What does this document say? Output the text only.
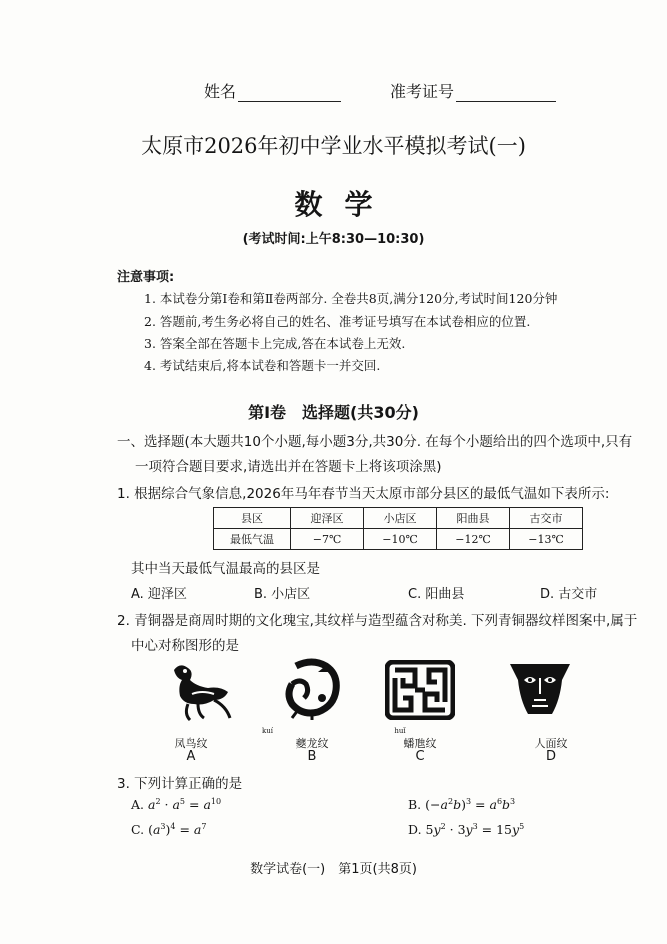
姓名	准考证号
太原市2026年初中学业水平模拟考试(一)
数学
(考试时间:上午8:30—10:30)
注意事项:
1. 本试卷分第Ⅰ卷和第Ⅱ卷两部分. 全卷共8页,满分120分,考试时间120分钟
2. 答题前,考生务必将自己的姓名、准考证号填写在本试卷相应的位置.
3. 答案全部在答题卡上完成,答在本试卷上无效.
4. 考试结束后,将本试卷和答题卡一并交回.
第Ⅰ卷　选择题(共30分)
一、选择题(本大题共10个小题,每小题3分,共30分. 在每个小题给出的四个选项中,只有
一项符合题目要求,请选出并在答题卡上将该项涂黑)
1. 根据综合气象信息,2026年马年春节当天太原市部分县区的最低气温如下表所示:
县区	迎泽区	小店区	阳曲县	古交市
最低气温	−7℃	−10℃	−12℃	−13℃
其中当天最低气温最高的县区是
A. 迎泽区	B. 小店区	C. 阳曲县	D. 古交市
2. 青铜器是商周时期的文化瑰宝,其纹样与造型蕴含对称美. 下列青铜器纹样图案中,属于
中心对称图形的是
凤鸟纹
A
kuí
夔龙纹
B
huǐ
蟠虺纹
C
人面纹
D
3. 下列计算正确的是
A. $a^2 \cdot a^5 = a^{10}$	B. $(-a^2b)^3 = a^6b^3$
C. $(a^3)^4 = a^7$	D. $5y^2 \cdot 3y^3 = 15y^5$
数学试卷(一)　第1页(共8页)
